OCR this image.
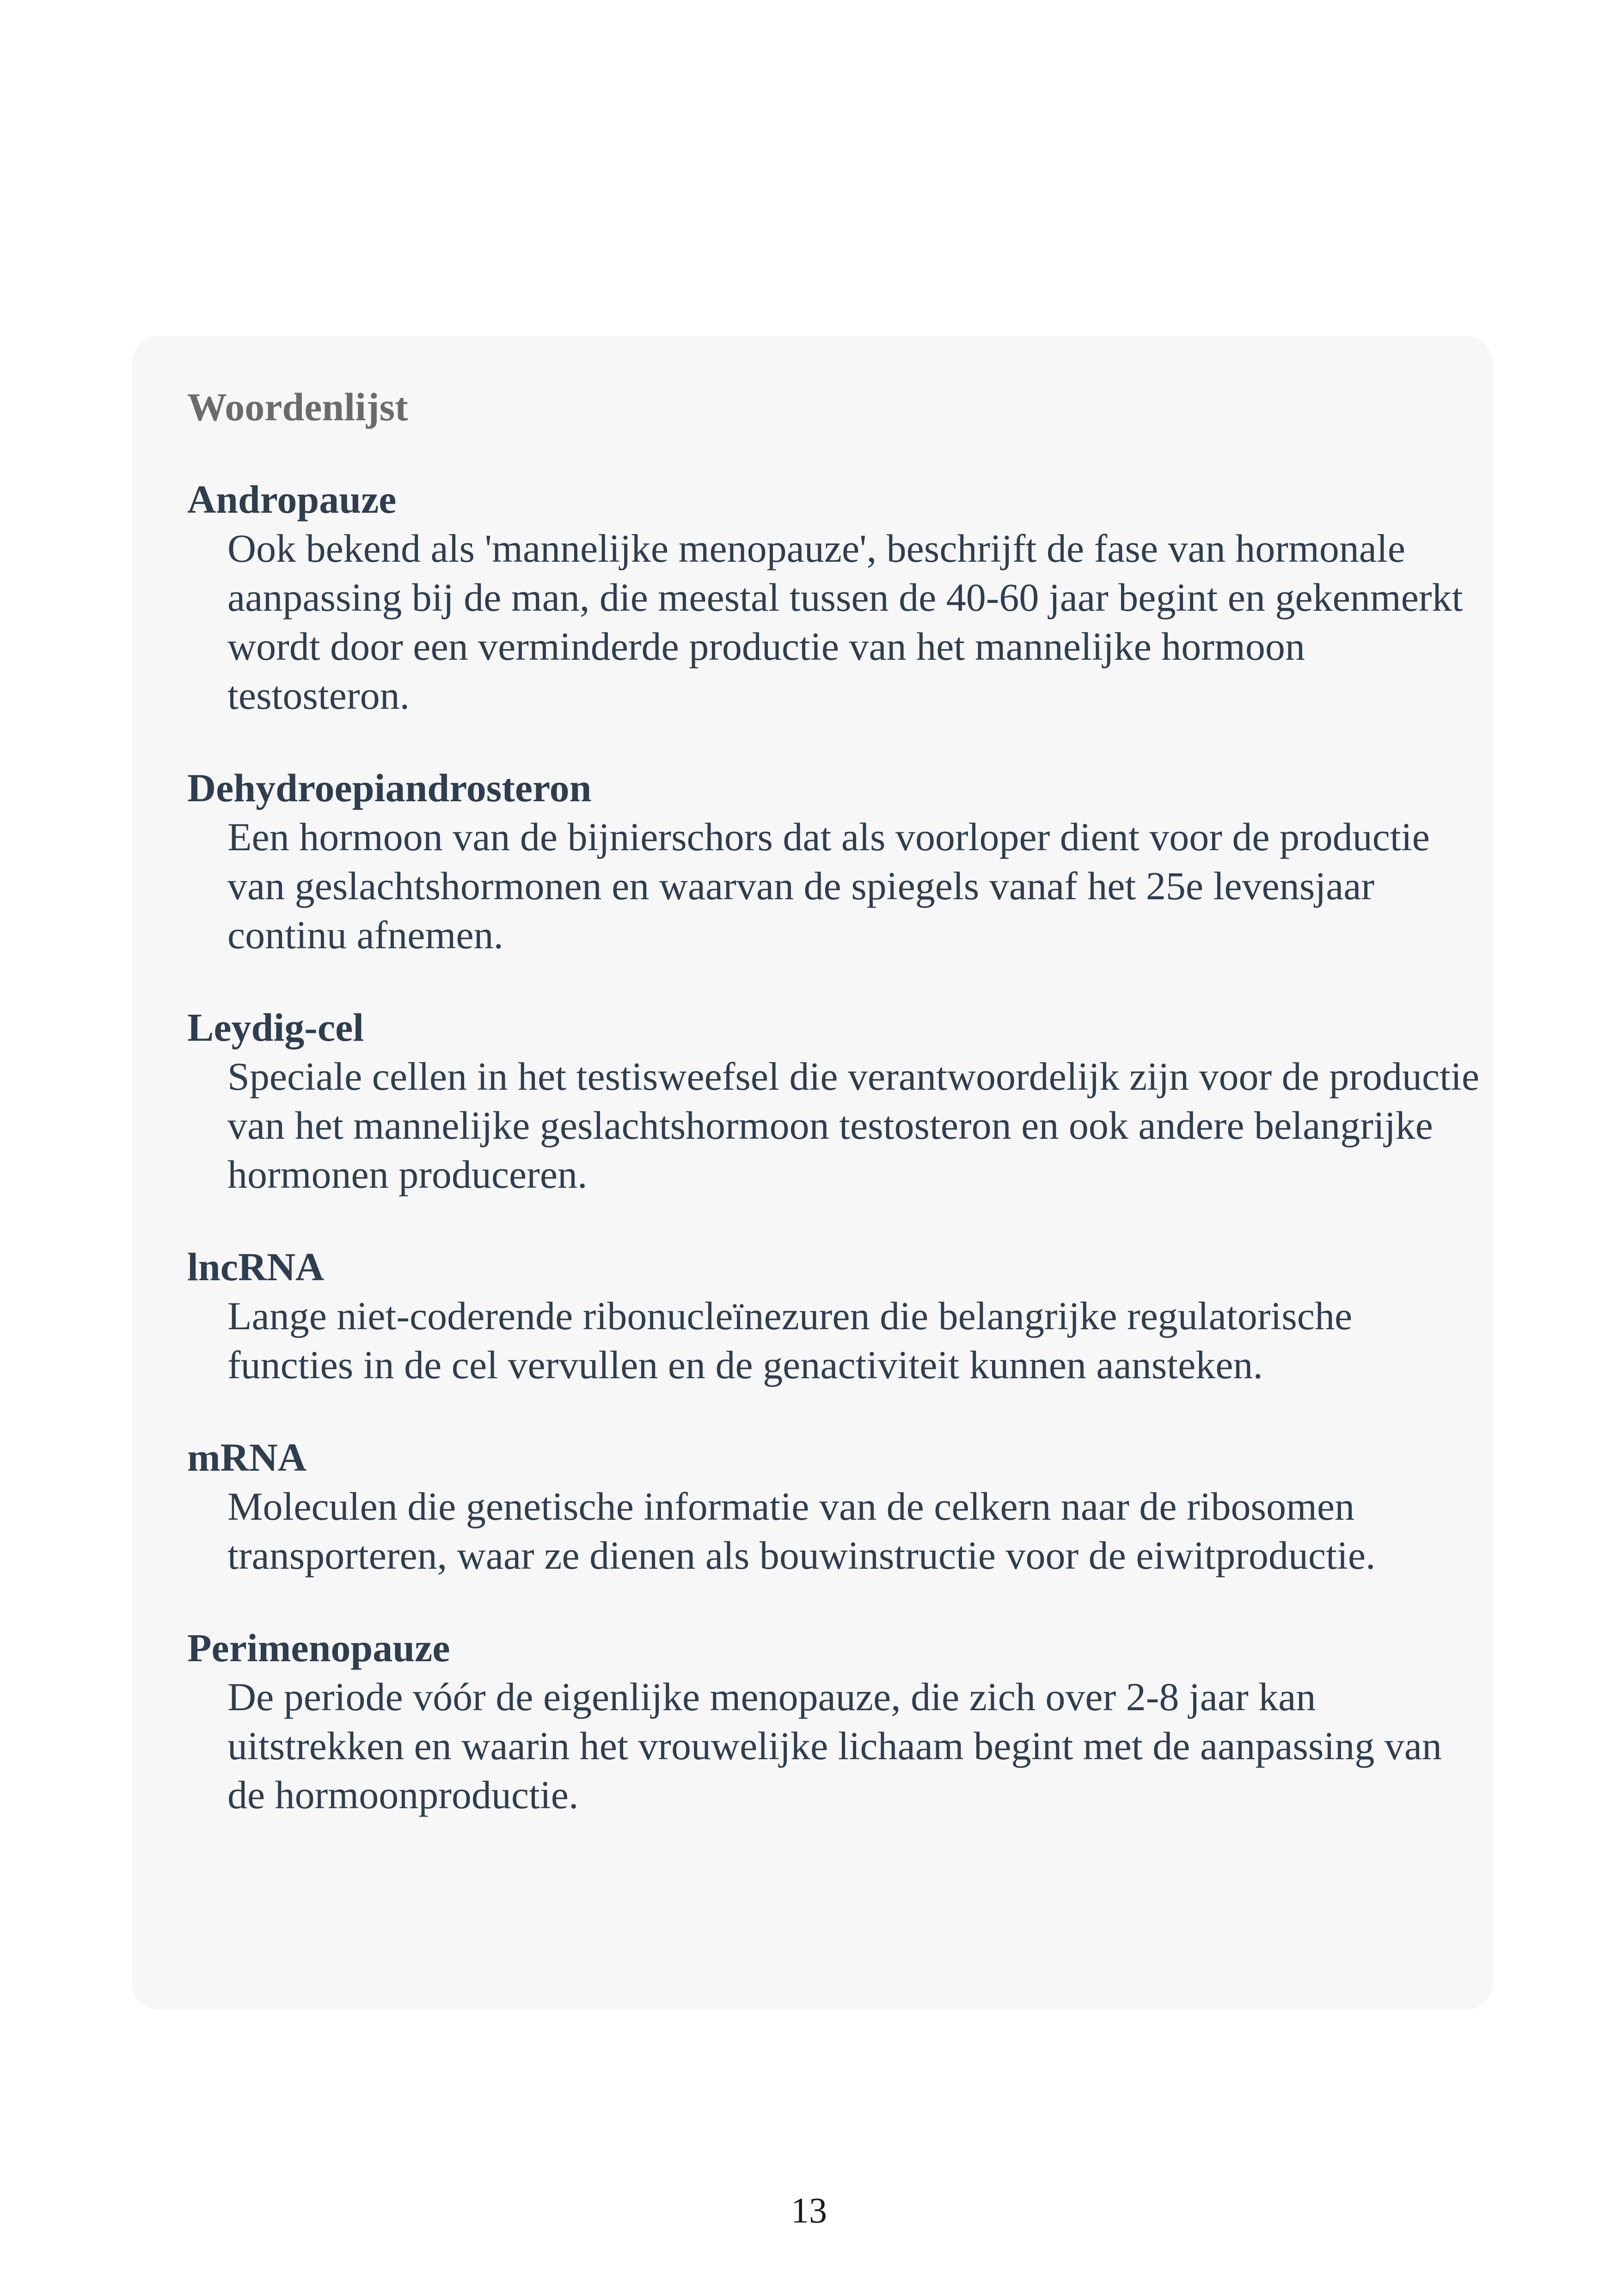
Woordenlijst

Andropauze

Ook bekend als 'mannelijke menopauze', beschrijft de fase van hormonale aanpassing bij de man, die meestal tussen de 40-60 jaar begint en gekenmerkt wordt door een verminderde productie van het mannelijke hormoon testosteron.

Dehydroepiandrosteron

Een hormoon van de bijnierschors dat als voorloper dient voor de productie van geslachtshormonen en waarvan de spiegels vanaf het 25e levensjaar continu afnemen.

Leydig-cel

Speciale cellen in het testisweefsel die verantwoordelijk zijn voor de productie van het mannelijke geslachtshormoon testosteron en ook andere belangrijke hormonen produceren.

lncRNA

Lange niet-coderende ribonucleïnezuren die belangrijke regulatorische functies in de cel vervullen en de genactiviteit kunnen aansteken.

mRNA

Moleculen die genetische informatie van de celkern naar de ribosomen transporteren, waar ze dienen als bouwinstructie voor de eiwitproductie.

Perimenopauze

De periode vóór de eigenlijke menopauze, die zich over 2-8 jaar kan uitstrekken en waarin het vrouwelijke lichaam begint met de aanpassing van de hormoonproductie.

13
